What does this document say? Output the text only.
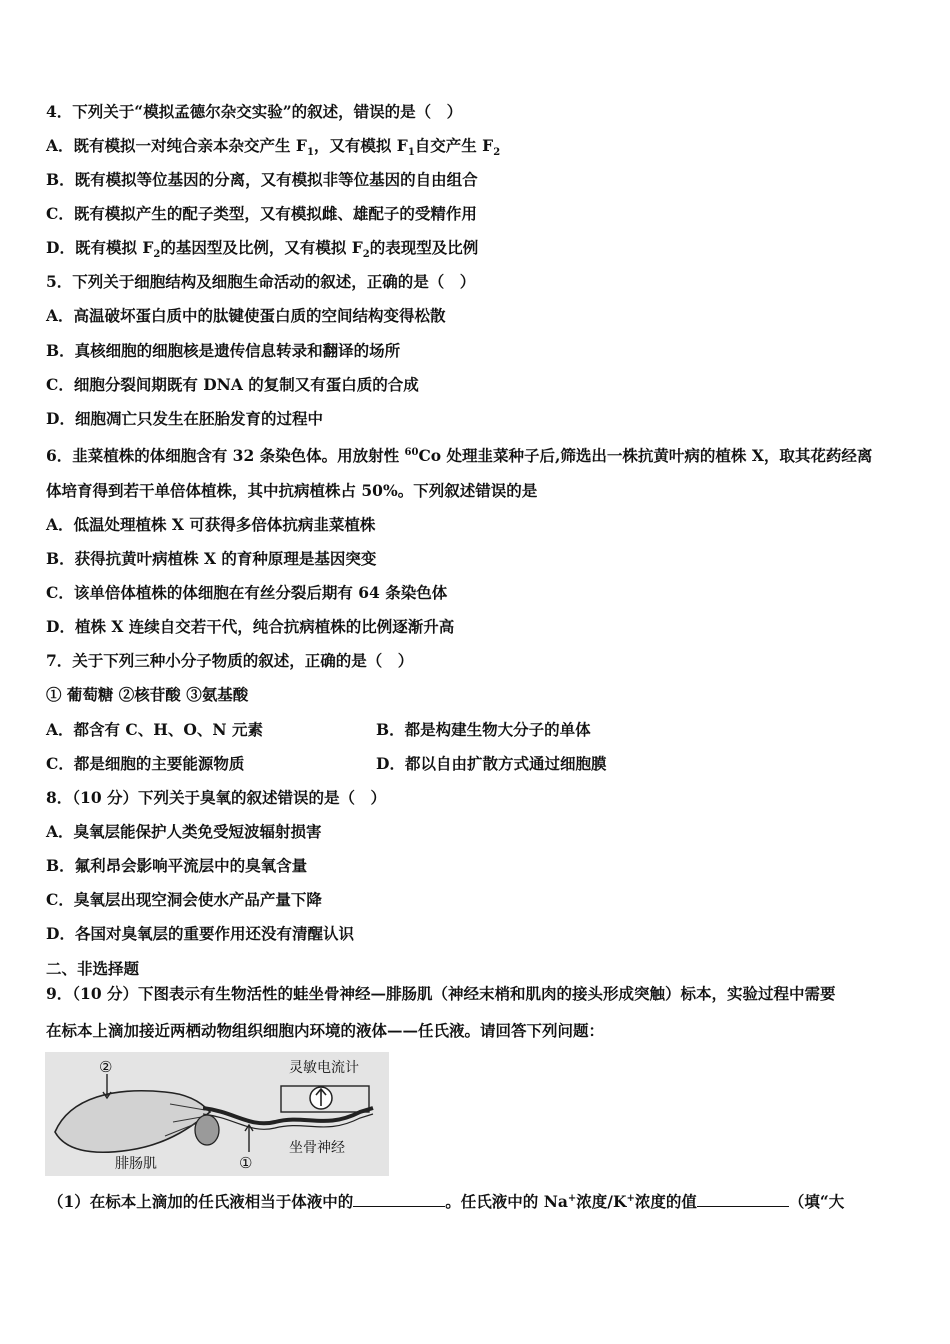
4．下列关于“模拟孟德尔杂交实验”的叙述，错误的是（　）
A．既有模拟一对纯合亲本杂交产生 $F_1$，又有模拟 $F_1$自交产生 $F_2$
B．既有模拟等位基因的分离，又有模拟非等位基因的自由组合
C．既有模拟产生的配子类型，又有模拟雌、雄配子的受精作用
D．既有模拟 $F_2$的基因型及比例，又有模拟 $F_2$的表现型及比例
5．下列关于细胞结构及细胞生命活动的叙述，正确的是（　）
A．高温破坏蛋白质中的肽键使蛋白质的空间结构变得松散
B．真核细胞的细胞核是遗传信息转录和翻译的场所
C．细胞分裂间期既有 DNA 的复制又有蛋白质的合成
D．细胞凋亡只发生在胚胎发育的过程中
6．韭菜植株的体细胞含有 32 条染色体。用放射性 $^{60}$Co 处理韭菜种子后,筛选出一株抗黄叶病的植株 X，取其花药经离
体培育得到若干单倍体植株，其中抗病植株占 50%。下列叙述错误的是
A．低温处理植株 X 可获得多倍体抗病韭菜植株
B．获得抗黄叶病植株 X 的育种原理是基因突变
C．该单倍体植株的体细胞在有丝分裂后期有 64 条染色体
D．植株 X 连续自交若干代，纯合抗病植株的比例逐渐升高
7．关于下列三种小分子物质的叙述，正确的是（　）
① 葡萄糖 ②核苷酸 ③氨基酸
A．都含有 C、H、O、N 元素	B．都是构建生物大分子的单体
C．都是细胞的主要能源物质	D．都以自由扩散方式通过细胞膜
8．（10 分）下列关于臭氧的叙述错误的是（　）
A．臭氧层能保护人类免受短波辐射损害
B．氟利昂会影响平流层中的臭氧含量
C．臭氧层出现空洞会使水产品产量下降
D．各国对臭氧层的重要作用还没有清醒认识
二、非选择题
9．（10 分）下图表示有生物活性的蛙坐骨神经—腓肠肌（神经末梢和肌肉的接头形成突触）标本，实验过程中需要
在标本上滴加接近两栖动物组织细胞内环境的液体——任氏液。请回答下列问题：
②
①
灵敏电流计
坐骨神经
腓肠肌
（1）在标本上滴加的任氏液相当于体液中的	。任氏液中的 Na+浓度/K+浓度的值	（填“大
